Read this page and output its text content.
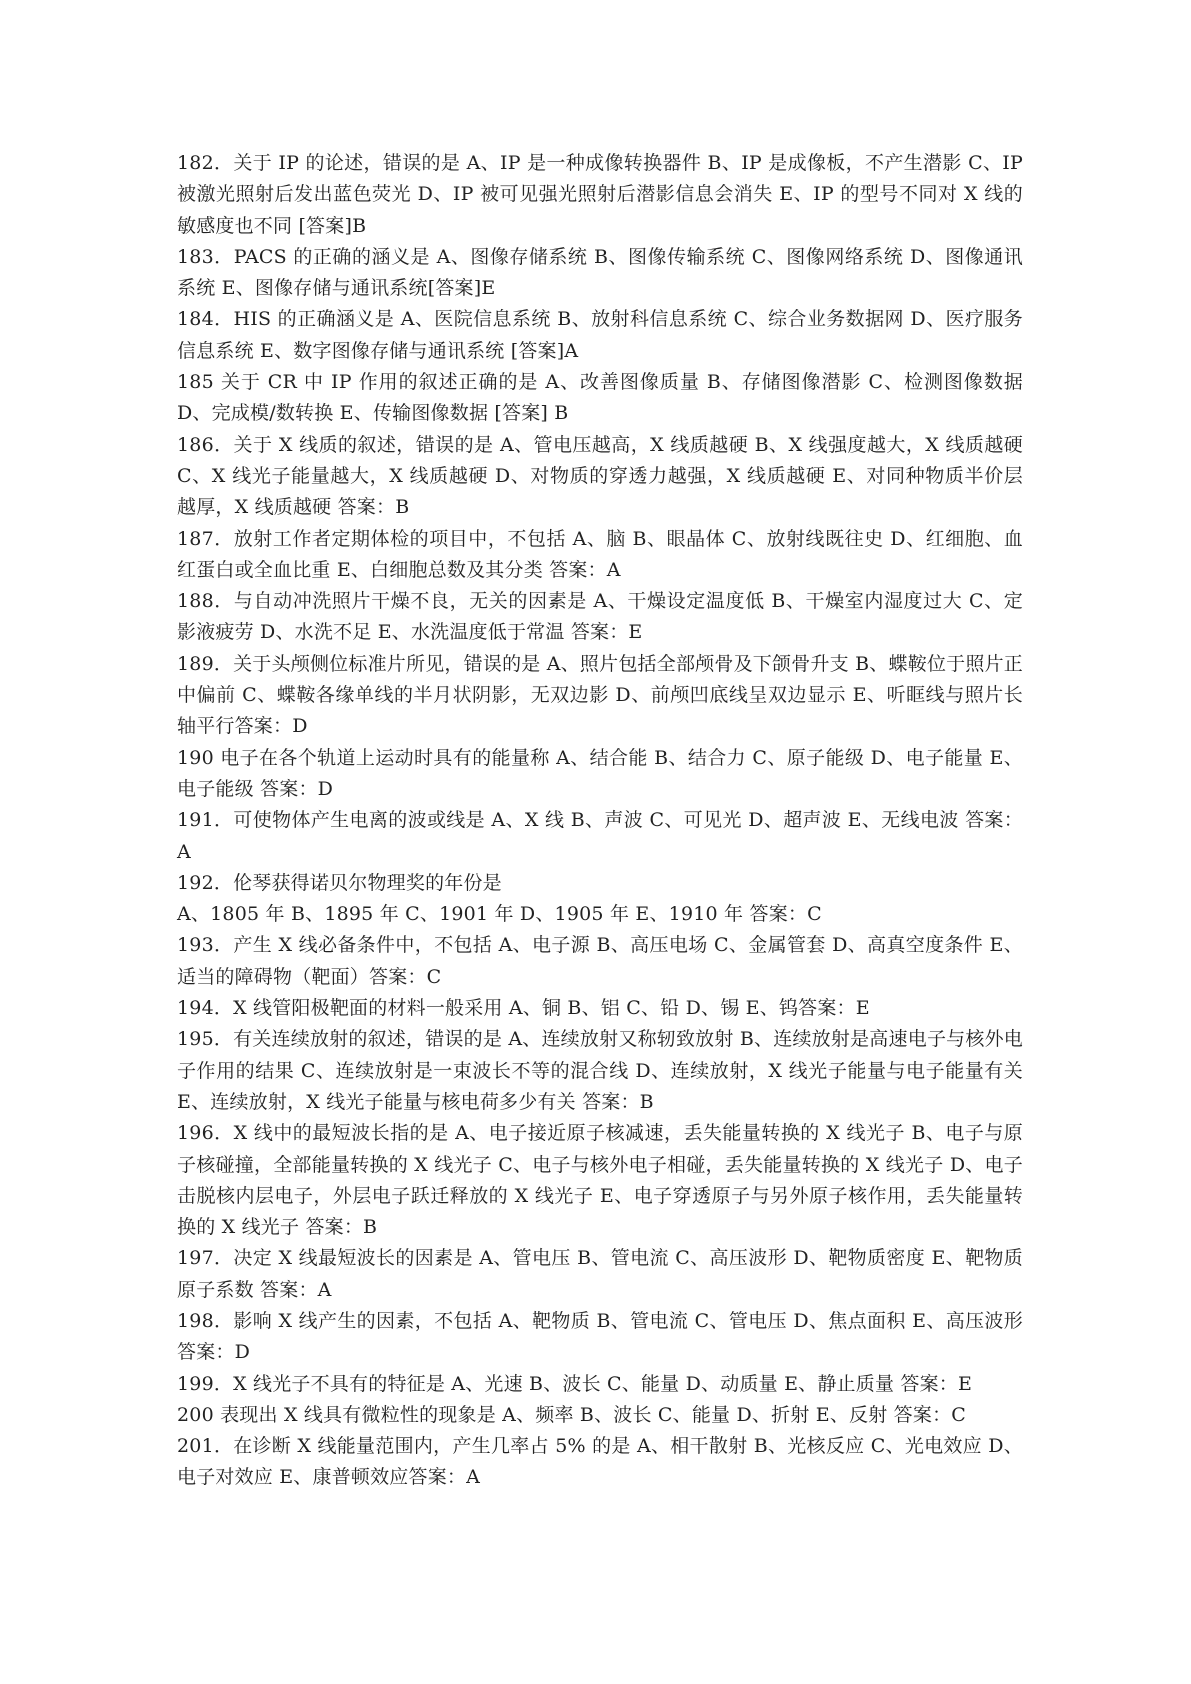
182．关于 IP 的论述，错误的是 A、IP 是一种成像转换器件 B、IP 是成像板，不产生潜影 C、IP 被激光照射后发出蓝色荧光 D、IP 被可见强光照射后潜影信息会消失 E、IP 的型号不同对 X 线的敏感度也不同 [答案]B

183．PACS 的正确的涵义是 A、图像存储系统 B、图像传输系统 C、图像网络系统 D、图像通讯系统 E、图像存储与通讯系统[答案]E

184．HIS 的正确涵义是 A、医院信息系统 B、放射科信息系统 C、综合业务数据网 D、医疗服务信息系统 E、数字图像存储与通讯系统 [答案]A

185 关于 CR 中 IP 作用的叙述正确的是 A、改善图像质量 B、存储图像潜影 C、检测图像数据 D、完成模/数转换 E、传输图像数据 [答案] B

186．关于 X 线质的叙述，错误的是 A、管电压越高，X 线质越硬 B、X 线强度越大，X 线质越硬 C、X 线光子能量越大，X 线质越硬 D、对物质的穿透力越强，X 线质越硬 E、对同种物质半价层越厚，X 线质越硬 答案：B

187．放射工作者定期体检的项目中，不包括 A、脑 B、眼晶体 C、放射线既往史 D、红细胞、血红蛋白或全血比重 E、白细胞总数及其分类 答案：A

188．与自动冲洗照片干燥不良，无关的因素是 A、干燥设定温度低 B、干燥室内湿度过大 C、定影液疲劳 D、水洗不足 E、水洗温度低于常温 答案：E

189．关于头颅侧位标准片所见，错误的是 A、照片包括全部颅骨及下颌骨升支 B、蝶鞍位于照片正中偏前 C、蝶鞍各缘单线的半月状阴影，无双边影 D、前颅凹底线呈双边显示 E、听眶线与照片长轴平行答案：D

190 电子在各个轨道上运动时具有的能量称 A、结合能 B、结合力 C、原子能级 D、电子能量 E、电子能级 答案：D

191．可使物体产生电离的波或线是 A、X 线 B、声波 C、可见光 D、超声波 E、无线电波 答案：A

192．伦琴获得诺贝尔物理奖的年份是

A、1805 年 B、1895 年 C、1901 年 D、1905 年 E、1910 年 答案：C

193．产生 X 线必备条件中，不包括 A、电子源 B、高压电场 C、金属管套 D、高真空度条件 E、适当的障碍物（靶面）答案：C

194．X 线管阳极靶面的材料一般采用 A、铜 B、铝 C、铅 D、锡 E、钨答案：E

195．有关连续放射的叙述，错误的是 A、连续放射又称轫致放射 B、连续放射是高速电子与核外电子作用的结果 C、连续放射是一束波长不等的混合线 D、连续放射，X 线光子能量与电子能量有关 E、连续放射，X 线光子能量与核电荷多少有关 答案：B

196．X 线中的最短波长指的是 A、电子接近原子核减速，丢失能量转换的 X 线光子 B、电子与原子核碰撞，全部能量转换的 X 线光子 C、电子与核外电子相碰，丢失能量转换的 X 线光子 D、电子击脱核内层电子，外层电子跃迁释放的 X 线光子 E、电子穿透原子与另外原子核作用，丢失能量转换的 X 线光子 答案：B

197．决定 X 线最短波长的因素是 A、管电压 B、管电流 C、高压波形 D、靶物质密度 E、靶物质原子系数 答案：A

198．影响 X 线产生的因素，不包括 A、靶物质 B、管电流 C、管电压 D、焦点面积 E、高压波形 答案：D

199．X 线光子不具有的特征是 A、光速 B、波长 C、能量 D、动质量 E、静止质量 答案：E

200 表现出 X 线具有微粒性的现象是 A、频率 B、波长 C、能量 D、折射 E、反射 答案：C

201．在诊断 X 线能量范围内，产生几率占 5% 的是 A、相干散射 B、光核反应 C、光电效应 D、电子对效应 E、康普顿效应答案：A
